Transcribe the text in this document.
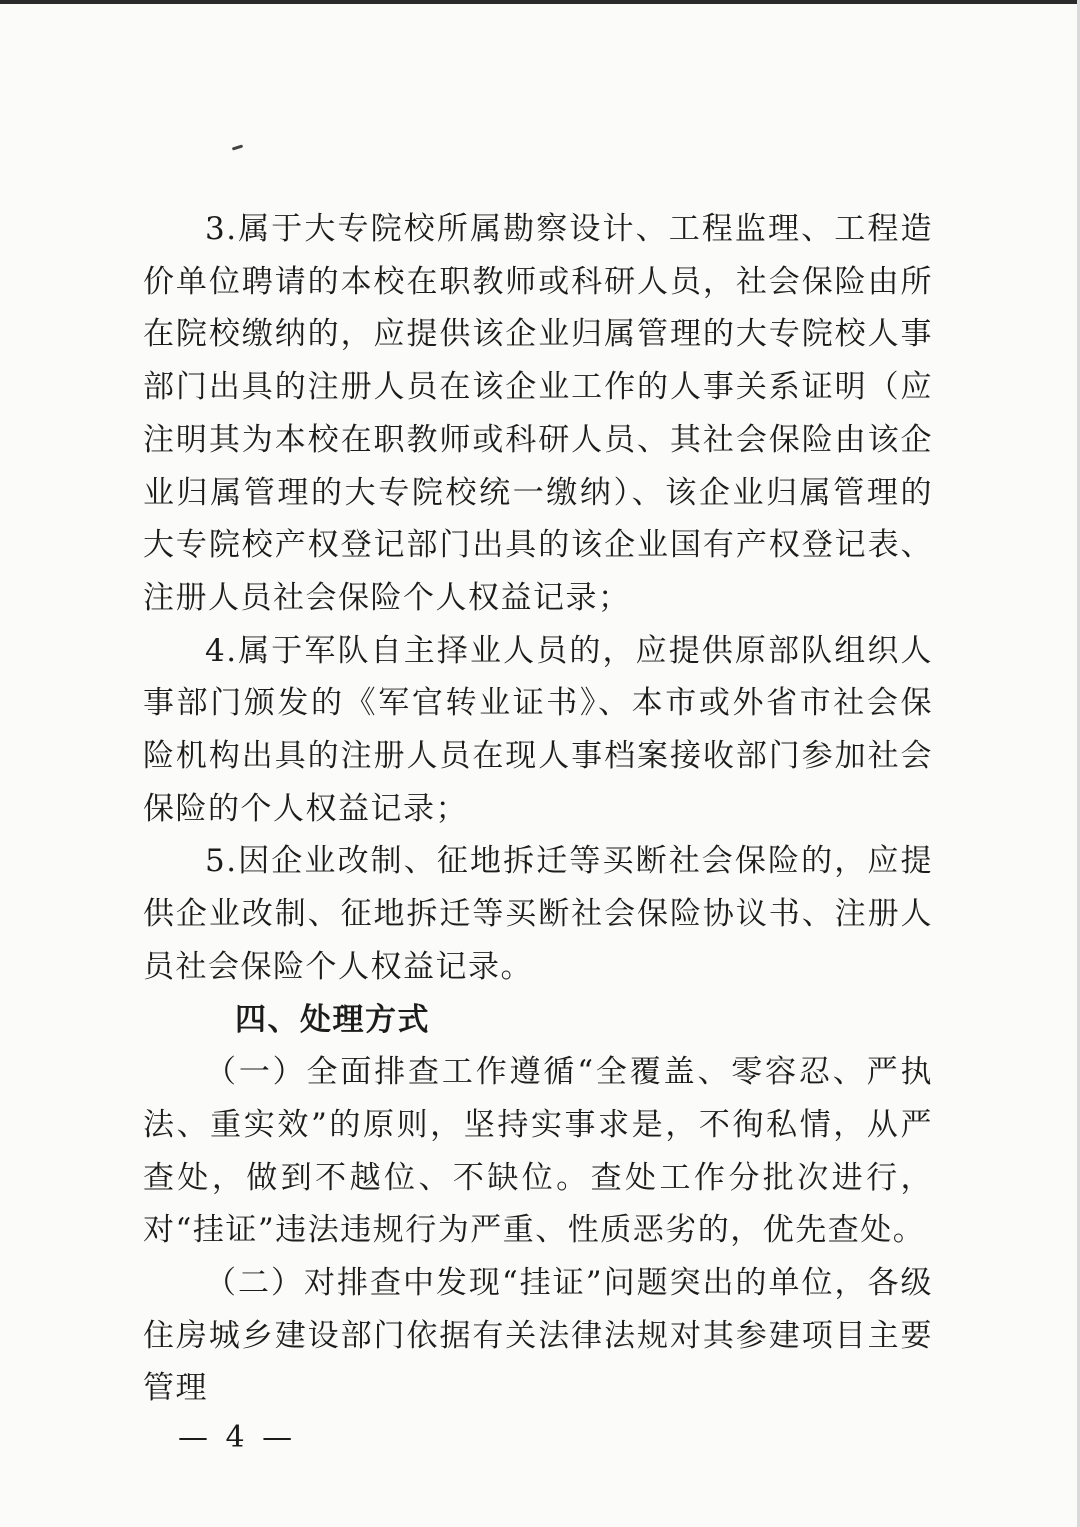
3.属于大专院校所属勘察设计、工程监理、工程造价单位聘请的本校在职教师或科研人员，社会保险由所在院校缴纳的，应提供该企业归属管理的大专院校人事部门出具的注册人员在该企业工作的人事关系证明（应注明其为本校在职教师或科研人员、其社会保险由该企业归属管理的大专院校统一缴纳）、该企业归属管理的大专院校产权登记部门出具的该企业国有产权登记表、注册人员社会保险个人权益记录；

4.属于军队自主择业人员的，应提供原部队组织人事部门颁发的《军官转业证书》、本市或外省市社会保险机构出具的注册人员在现人事档案接收部门参加社会保险的个人权益记录；

5.因企业改制、征地拆迁等买断社会保险的，应提供企业改制、征地拆迁等买断社会保险协议书、注册人员社会保险个人权益记录。

四、处理方式

（一）全面排查工作遵循“全覆盖、零容忍、严执法、重实效”的原则，坚持实事求是，不徇私情，从严查处，做到不越位、不缺位。查处工作分批次进行，对“挂证”违法违规行为严重、性质恶劣的，优先查处。

（二）对排查中发现“挂证”问题突出的单位，各级住房城乡建设部门依据有关法律法规对其参建项目主要管理

— 4 —
